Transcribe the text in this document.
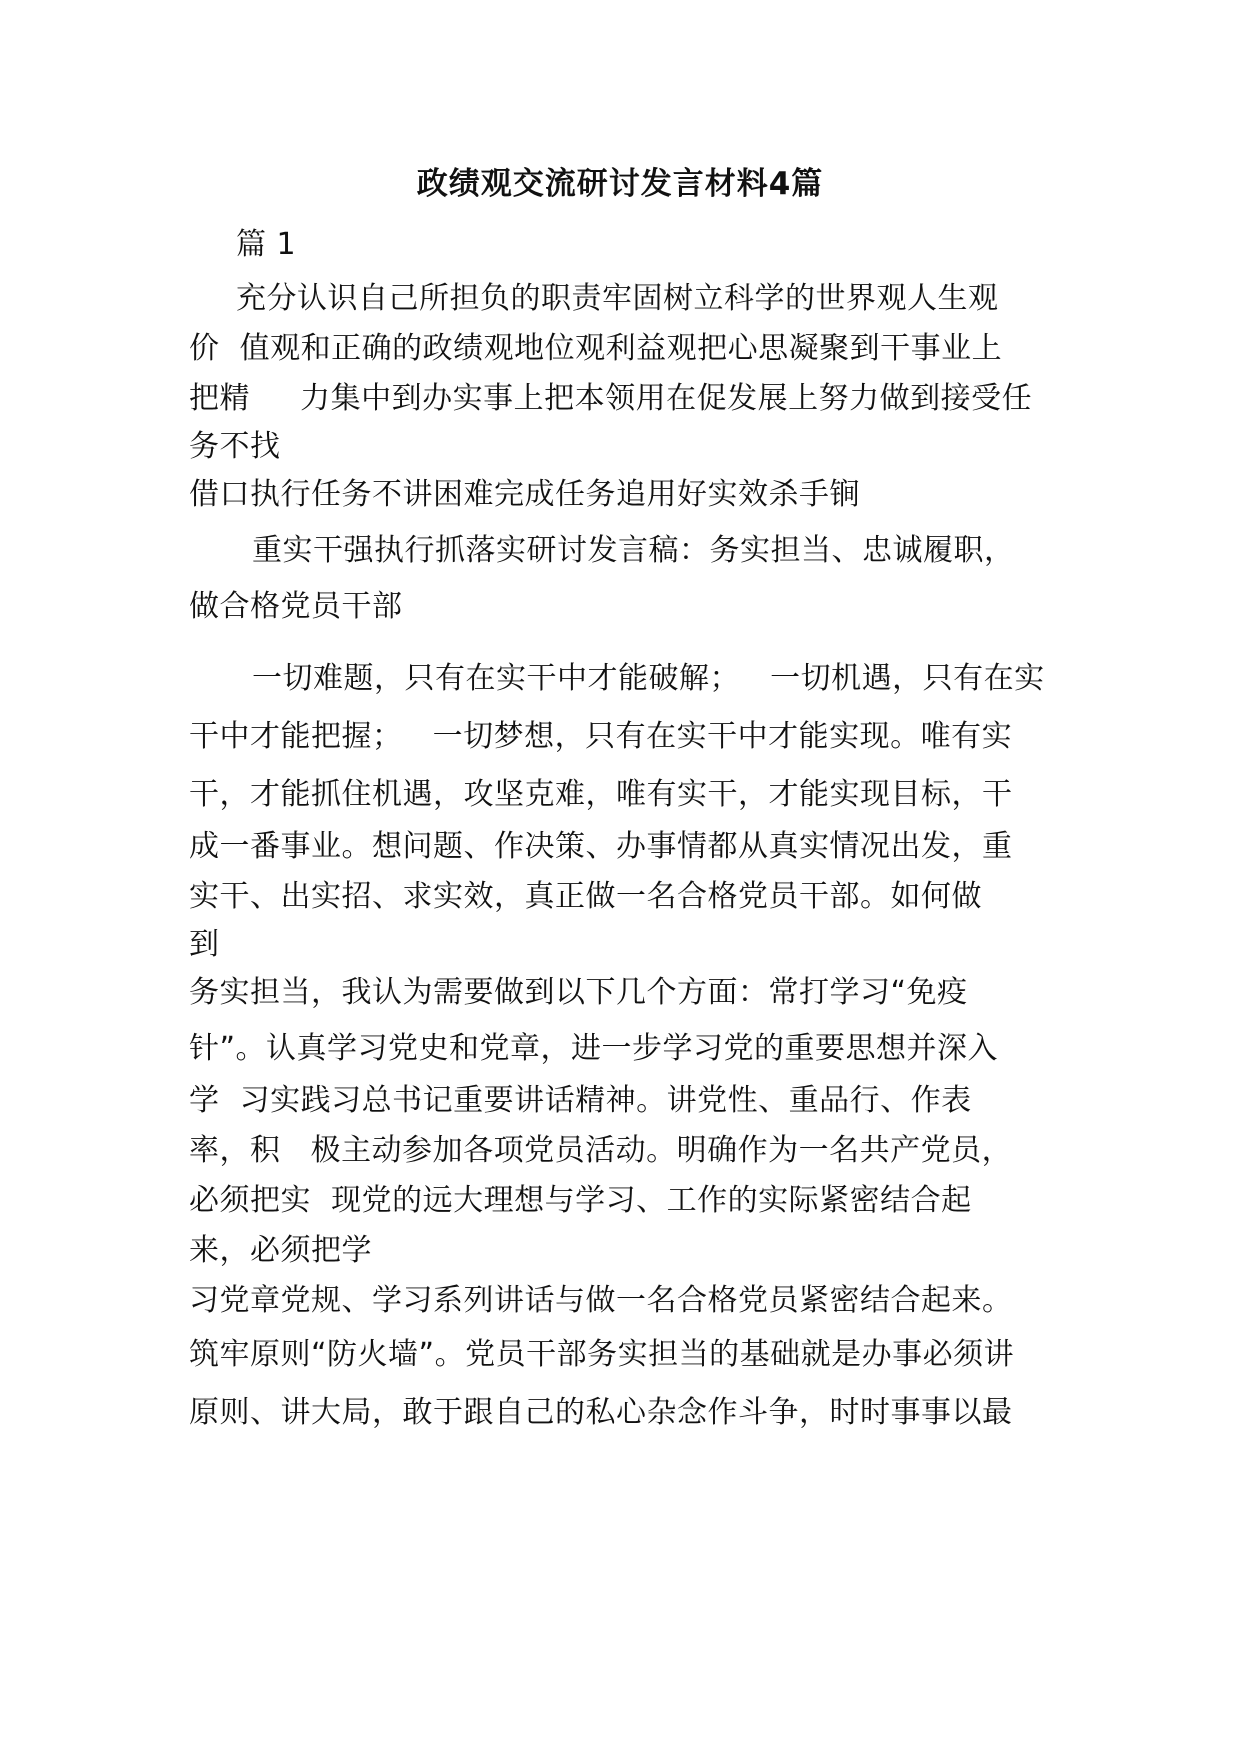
政绩观交流研讨发言材料4篇
篇 1
充分认识自己所担负的职责牢固树立科学的世界观人生观
价  值观和正确的政绩观地位观利益观把心思凝聚到干事业上
把精     力集中到办实事上把本领用在促发展上努力做到接受任
务不找
借口执行任务不讲困难完成任务追用好实效杀手锏
重实干强执行抓落实研讨发言稿：务实担当、忠诚履职，
做合格党员干部
一切难题，只有在实干中才能破解；   一切机遇，只有在实
干中才能把握；   一切梦想，只有在实干中才能实现。唯有实
干，才能抓住机遇，攻坚克难，唯有实干，才能实现目标，干
成一番事业。想问题、作决策、办事情都从真实情况出发，重
实干、出实招、求实效，真正做一名合格党员干部。如何做
到
务实担当，我认为需要做到以下几个方面：常打学习“免疫
针”。认真学习党史和党章，进一步学习党的重要思想并深入
学  习实践习总书记重要讲话精神。讲党性、重品行、作表
率，积   极主动参加各项党员活动。明确作为一名共产党员，
必须把实  现党的远大理想与学习、工作的实际紧密结合起
来，必须把学
习党章党规、学习系列讲话与做一名合格党员紧密结合起来。
筑牢原则“防火墙”。党员干部务实担当的基础就是办事必须讲
原则、讲大局，敢于跟自己的私心杂念作斗争，时时事事以最
